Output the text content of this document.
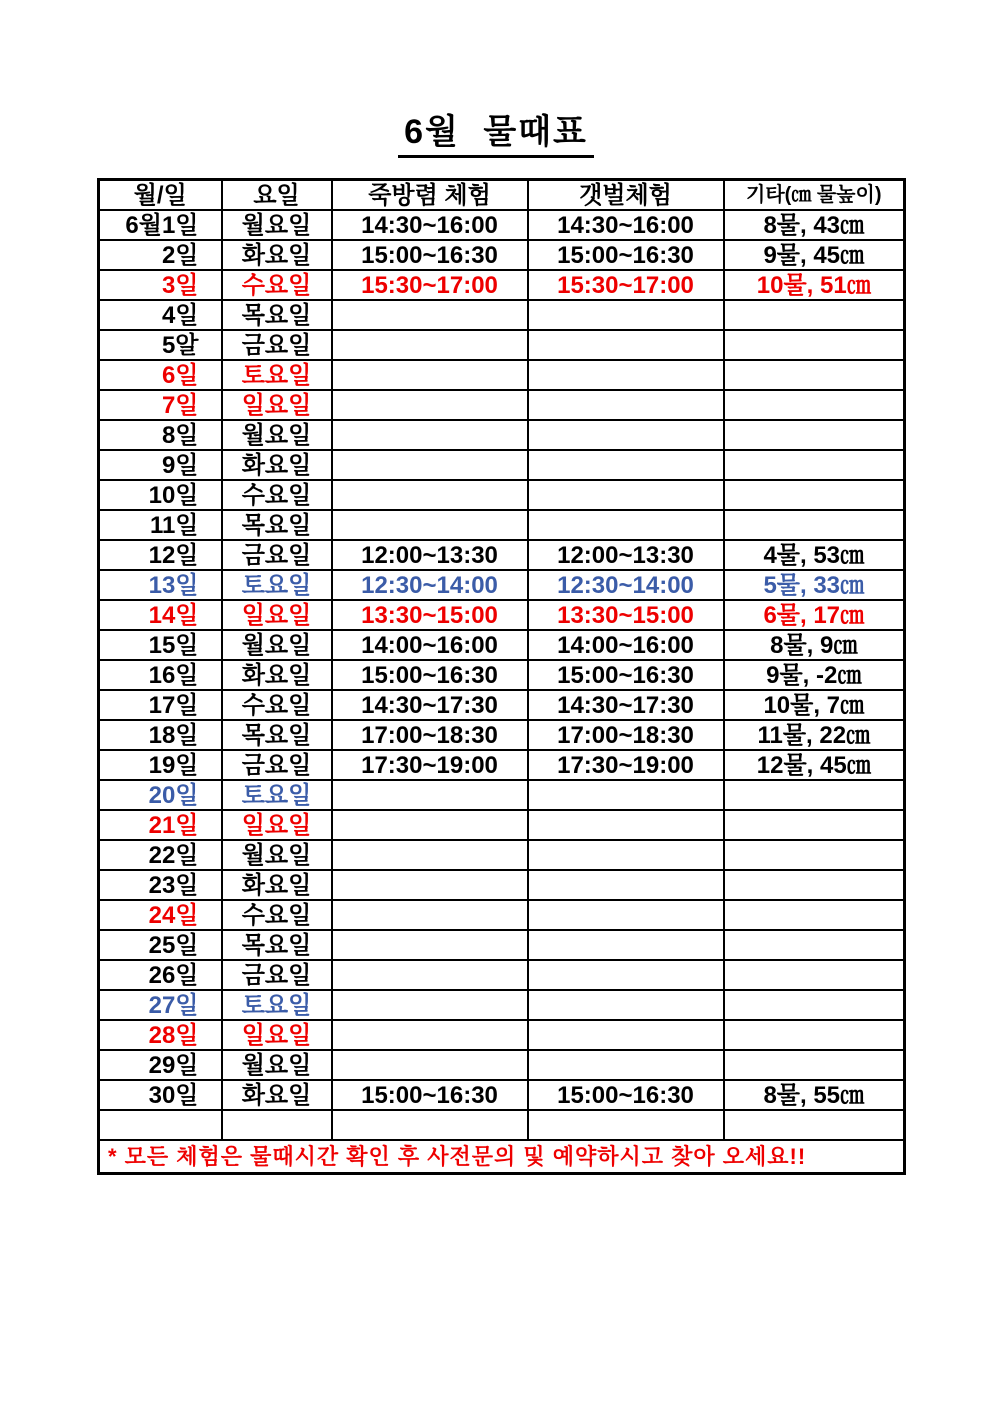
6월 물때표
월/일	요일	죽방렴 체험	갯벌체험	기타(㎝ 물높이)
6월1일	월요일	14:30~16:00	14:30~16:00	8물, 43㎝
2일	화요일	15:00~16:30	15:00~16:30	9물, 45㎝
3일	수요일	15:30~17:00	15:30~17:00	10물, 51㎝
4일	목요일			
5알	금요일			
6일	토요일			
7일	일요일			
8일	월요일			
9일	화요일			
10일	수요일			
11일	목요일			
12일	금요일	12:00~13:30	12:00~13:30	4물, 53㎝
13일	토요일	12:30~14:00	12:30~14:00	5물, 33㎝
14일	일요일	13:30~15:00	13:30~15:00	6물, 17㎝
15일	월요일	14:00~16:00	14:00~16:00	8물, 9㎝
16일	화요일	15:00~16:30	15:00~16:30	9물, -2㎝
17일	수요일	14:30~17:30	14:30~17:30	10물, 7㎝
18일	목요일	17:00~18:30	17:00~18:30	11물, 22㎝
19일	금요일	17:30~19:00	17:30~19:00	12물, 45㎝
20일	토요일			
21일	일요일			
22일	월요일			
23일	화요일			
24일	수요일			
25일	목요일			
26일	금요일			
27일	토요일			
28일	일요일			
29일	월요일			
30일	화요일	15:00~16:30	15:00~16:30	8물, 55㎝

* 모든 체험은 물때시간 확인 후 사전문의 및 예약하시고 찾아 오세요!!				
